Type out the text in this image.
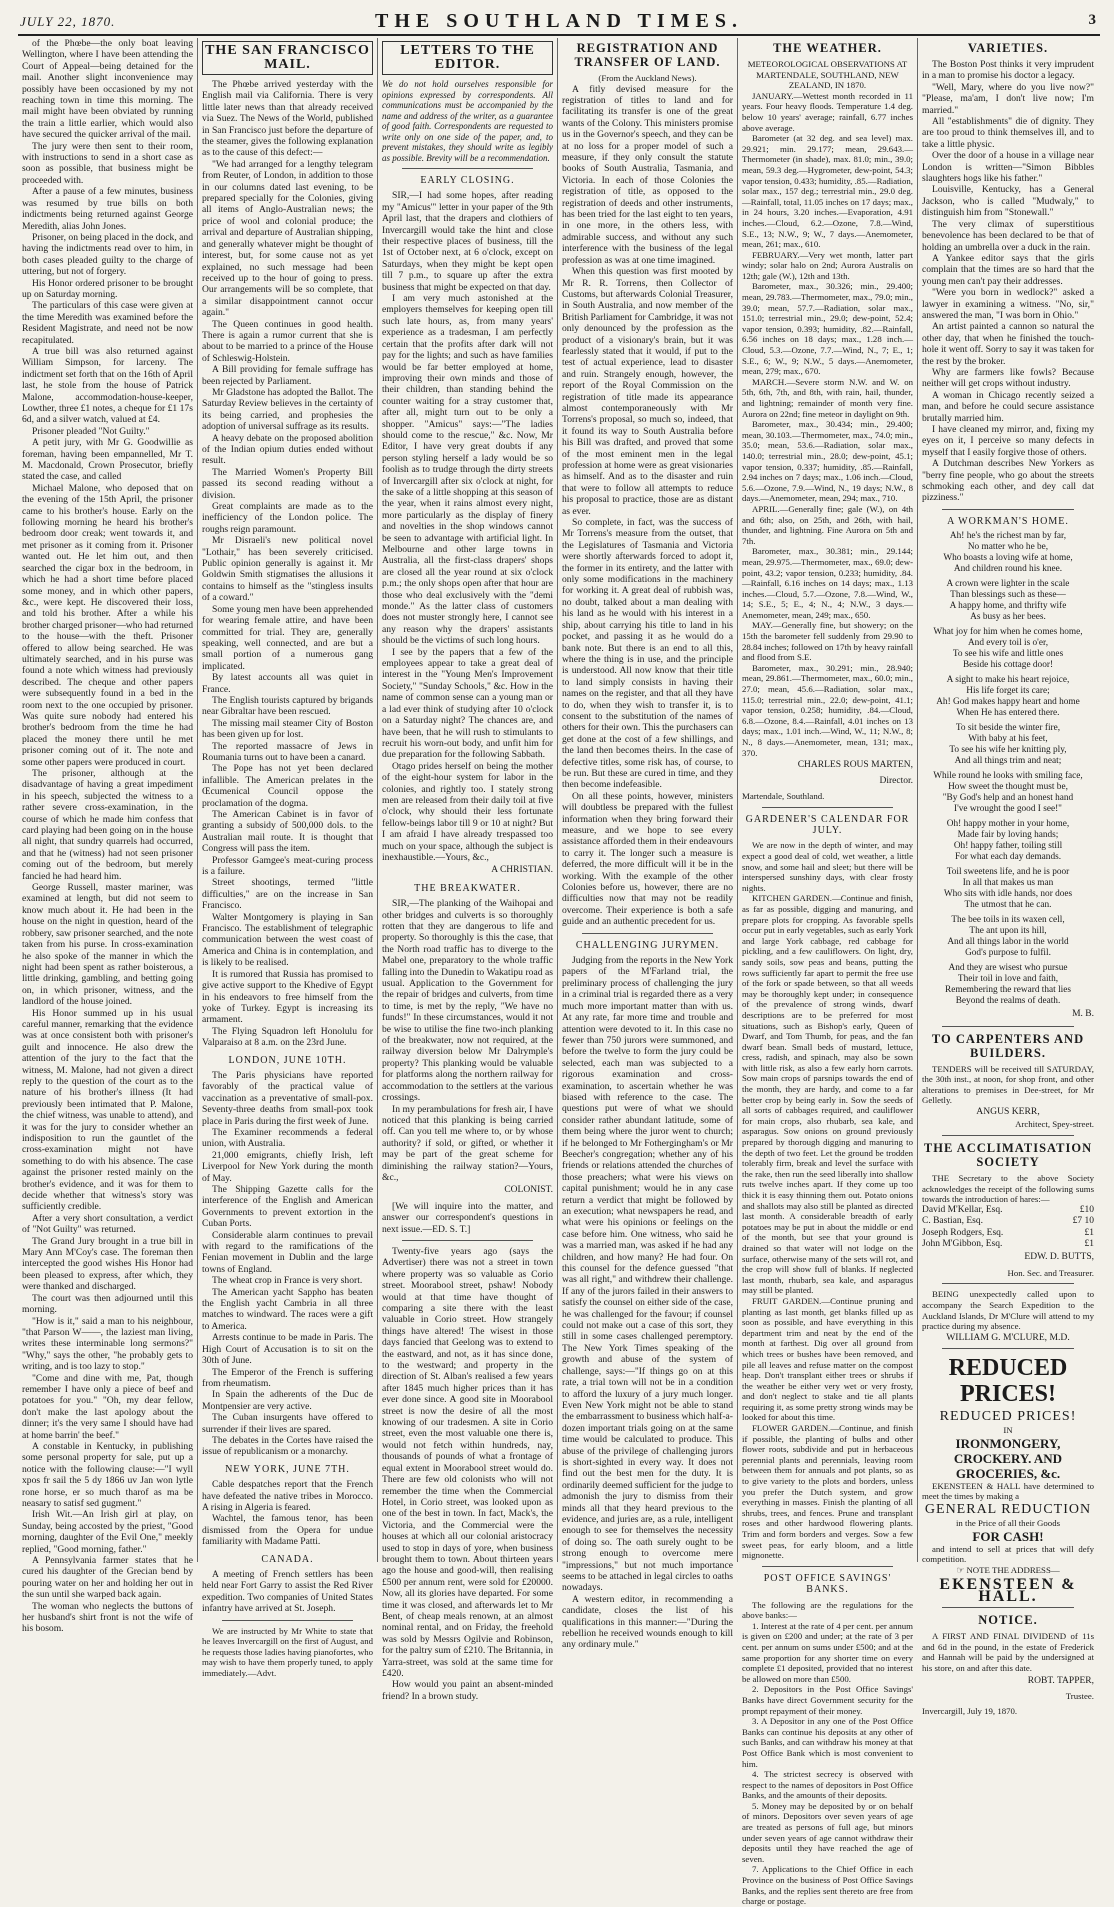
JULY 22, 1870.	THE SOUTHLAND TIMES.	3

of the Phœbe—the only boat leaving Wellington, where I have been attending the Court of Appeal—being detained for the mail. Another slight inconvenience may possibly have been occasioned by my not reaching town in time this morning. The mail might have been obviated by running the train a little earlier, which would also have secured the quicker arrival of the mail.

The jury were then sent to their room, with instructions to send in a short case as soon as possible, that business might be proceeded with.

After a pause of a few minutes, business was resumed by true bills on both indictments being returned against George Meredith, alias John Jones.

Prisoner, on being placed in the dock, and having the indictments read over to him, in both cases pleaded guilty to the charge of uttering, but not of forgery.

His Honor ordered prisoner to be brought up on Saturday morning.

The particulars of this case were given at the time Meredith was examined before the Resident Magistrate, and need not be now recapitulated.

A true bill was also returned against William Simpson, for larceny. The indictment set forth that on the 16th of April last, he stole from the house of Patrick Malone, accommodation-house-keeper, Lowther, three £1 notes, a cheque for £1 17s 6d, and a silver watch, valued at £4.

Prisoner pleaded "Not Guilty."

A petit jury, with Mr G. Goodwillie as foreman, having been empannelled, Mr T. M. Macdonald, Crown Prosecutor, briefly stated the case, and called

Michael Malone, who deposed that on the evening of the 15th April, the prisoner came to his brother's house. Early on the following morning he heard his brother's bedroom door creak; went towards it, and met prisoner as it coming from it. Prisoner wanted out. He let him out, and then searched the cigar box in the bedroom, in which he had a short time before placed some money, and in which other papers, &c., were kept. He discovered their loss, and told his brother. After a while his brother charged prisoner—who had returned to the house—with the theft. Prisoner offered to allow being searched. He was ultimately searched, and in his purse was found a note which witness had previously described. The cheque and other papers were subsequently found in a bed in the room next to the one occupied by prisoner. Was quite sure nobody had entered his brother's bedroom from the time he had placed the money there until he met prisoner coming out of it. The note and some other papers were produced in court.

The prisoner, although at the disadvantage of having a great impediment in his speech, subjected the witness to a rather severe cross-examination, in the course of which he made him confess that card playing had been going on in the house all night, that sundry quarrels had occurred, and that he (witness) had not seen prisoner coming out of the bedroom, but merely fancied he had heard him.

George Russell, master mariner, was examined at length, but did not seem to know much about it. He had been in the house on the night in question, heard of the robbery, saw prisoner searched, and the note taken from his purse. In cross-examination he also spoke of the manner in which the night had been spent as rather boisterous, a little drinking, gambling, and betting going on, in which prisoner, witness, and the landlord of the house joined.

His Honor summed up in his usual careful manner, remarking that the evidence was at once consistent both with prisoner's guilt and innocence. He also drew the attention of the jury to the fact that the witness, M. Malone, had not given a direct reply to the question of the court as to the nature of his brother's illness (It had previously been intimated that P. Malone, the chief witness, was unable to attend), and it was for the jury to consider whether an indisposition to run the gauntlet of the cross-examination might not have something to do with his absence. The case against the prisoner rested mainly on the brother's evidence, and it was for them to decide whether that witness's story was sufficiently credible.

After a very short consultation, a verdict of "Not Guilty" was returned.

The Grand Jury brought in a true bill in Mary Ann M'Coy's case. The foreman then intercepted the good wishes His Honor had been pleased to express, after which, they were thanked and discharged.

The court was then adjourned until this morning.

"How is it," said a man to his neighbour, "that Parson W——, the laziest man living, writes these interminable long sermons?" "Why," says the other, "he probably gets to writing, and is too lazy to stop."

"Come and dine with me, Pat, though remember I have only a piece of beef and potatoes for you." "Oh, my dear fellow, don't make the last apology about the dinner; it's the very same I should have had at home barrin' the beef."

A constable in Kentucky, in publishing some personal property for sale, put up a notice with the following clause:—"I wyll xpos fr sail the 5 dy 1866 uv Jan won lytle rone horse, er so much tharof as ma be neasary to satisf sed gugment."

Irish Wit.—An Irish girl at play, on Sunday, being accosted by the priest, "Good morning, daughter of the Evil One," meekly replied, "Good morning, father."

A Pennsylvania farmer states that he cured his daughter of the Grecian bend by pouring water on her and holding her out in the sun until she warped back again.

The woman who neglects the buttons of her husband's shirt front is not the wife of his bosom.

THE SAN FRANCISCO MAIL.

The Phœbe arrived yesterday with the English mail via California. There is very little later news than that already received via Suez. The News of the World, published in San Francisco just before the departure of the steamer, gives the following explanation as to the cause of this defect:—

"We had arranged for a lengthy telegram from Reuter, of London, in addition to those in our columns dated last evening, to be prepared specially for the Colonies, giving all items of Anglo-Australian news; the price of wool and colonial produce; the arrival and departure of Australian shipping, and generally whatever might be thought of interest, but, for some cause not as yet explained, no such message had been received up to the hour of going to press. Our arrangements will be so complete, that a similar disappointment cannot occur again."

The Queen continues in good health. There is again a rumor current that she is about to be married to a prince of the House of Schleswig-Holstein.

A Bill providing for female suffrage has been rejected by Parliament.

Mr Gladstone has adopted the Ballot. The Saturday Review believes in the certainty of its being carried, and prophesies the adoption of universal suffrage as its results.

A heavy debate on the proposed abolition of the Indian opium duties ended without result.

The Married Women's Property Bill passed its second reading without a division.

Great complaints are made as to the inefficiency of the London police. The roughs reign paramount.

Mr Disraeli's new political novel "Lothair," has been severely criticised. Public opinion generally is against it. Mr Goldwin Smith stigmatises the allusions it contains to himself as the "stingless insults of a coward."

Some young men have been apprehended for wearing female attire, and have been committed for trial. They are, generally speaking, well connected, and are but a small portion of a numerous gang implicated.

By latest accounts all was quiet in France.

The English tourists captured by brigands near Gibraltar have been rescued.

The missing mail steamer City of Boston has been given up for lost.

The reported massacre of Jews in Roumania turns out to have been a canard.

The Pope has not yet been declared infallible. The American prelates in the Œcumenical Council oppose the proclamation of the dogma.

The American Cabinet is in favor of granting a subsidy of 500,000 dols. to the Australian mail route. It is thought that Congress will pass the item.

Professor Gamgee's meat-curing process is a failure.

Street shootings, termed "little difficulties," are on the increase in San Francisco.

Walter Montgomery is playing in San Francisco. The establishment of telegraphic communication between the west coast of America and China is in contemplation, and is likely to be realised.

It is rumored that Russia has promised to give active support to the Khedive of Egypt in his endeavors to free himself from the yoke of Turkey. Egypt is increasing its armament.

The Flying Squadron left Honolulu for Valparaiso at 8 a.m. on the 23rd June.

LONDON, JUNE 10TH.

The Paris physicians have reported favorably of the practical value of vaccination as a preventative of small-pox. Seventy-three deaths from small-pox took place in Paris during the first week of June.

The Examiner recommends a federal union, with Australia.

21,000 emigrants, chiefly Irish, left Liverpool for New York during the month of May.

The Shipping Gazette calls for the interference of the English and American Governments to prevent extortion in the Cuban Ports.

Considerable alarm continues to prevail with regard to the ramifications of the Fenian movement in Dublin and the large towns of England.

The wheat crop in France is very short.

The American yacht Sappho has beaten the English yacht Cambria in all three matches to windward. The races were a gift to America.

Arrests continue to be made in Paris. The High Court of Accusation is to sit on the 30th of June.

The Emperor of the French is suffering from rheumatism.

In Spain the adherents of the Duc de Montpensier are very active.

The Cuban insurgents have offered to surrender if their lives are spared.

The debates in the Cortes have raised the issue of republicanism or a monarchy.

NEW YORK, JUNE 7TH.

Cable despatches report that the French have defeated the native tribes in Morocco. A rising in Algeria is feared.

Wachtel, the famous tenor, has been dismissed from the Opera for undue familiarity with Madame Patti.

CANADA.

A meeting of French settlers has been held near Fort Garry to assist the Red River expedition. Two companies of United States infantry have arrived at St. Joseph.

We are instructed by Mr White to state that he leaves Invercargill on the first of August, and he requests those ladies having pianofortes, who may wish to have them properly tuned, to apply immediately.—Advt.

LETTERS TO THE EDITOR.
We do not hold ourselves responsible for opinions expressed by correspondents. All communications must be accompanied by the name and address of the writer, as a guarantee of good faith. Correspondents are requested to write only on one side of the paper, and, to prevent mistakes, they should write as legibly as possible. Brevity will be a recommendation.
EARLY CLOSING.

SIR,—I had some hopes, after reading my "Amicus'" letter in your paper of the 9th April last, that the drapers and clothiers of Invercargill would take the hint and close their respective places of business, till the 1st of October next, at 6 o'clock, except on Saturdays, when they might be kept open till 7 p.m., to square up after the extra business that might be expected on that day.

I am very much astonished at the employers themselves for keeping open till such late hours, as, from many years' experience as a tradesman, I am perfectly certain that the profits after dark will not pay for the lights; and such as have families would be far better employed at home, improving their own minds and those of their children, than standing behind the counter waiting for a stray customer that, after all, might turn out to be only a shopper. "Amicus" says:—"The ladies should come to the rescue," &c. Now, Mr Editor, I have very great doubts if any person styling herself a lady would be so foolish as to trudge through the dirty streets of Invercargill after six o'clock at night, for the sake of a little shopping at this season of the year, when it rains almost every night, more particularly as the display of finery and novelties in the shop windows cannot be seen to advantage with artificial light. In Melbourne and other large towns in Australia, all the first-class drapers' shops are closed all the year round at six o'clock p.m.; the only shops open after that hour are those who deal exclusively with the "demi monde." As the latter class of customers does not muster strongly here, I cannot see any reason why the drapers' assistants should be the victims of such long hours.

I see by the papers that a few of the employees appear to take a great deal of interest in the "Young Men's Improvement Society," "Sunday Schools," &c. How in the name of common sense can a young man or a lad ever think of studying after 10 o'clock on a Saturday night? The chances are, and have been, that he will rush to stimulants to recruit his worn-out body, and unfit him for due preparation for the following Sabbath.

Otago prides herself on being the mother of the eight-hour system for labor in the colonies, and rightly too. I stately strong men are released from their daily toil at five o'clock, why should their less fortunate fellow-beings labor till 9 or 10 at night? But I am afraid I have already trespassed too much on your space, although the subject is inexhaustible.—Yours, &c.,

A CHRISTIAN.
THE BREAKWATER.

SIR,—The planking of the Waihopai and other bridges and culverts is so thoroughly rotten that they are dangerous to life and property. So thoroughly is this the case, that the North road traffic has to diverge to the Mabel one, preparatory to the whole traffic falling into the Dunedin to Wakatipu road as usual. Application to the Government for the repair of bridges and culverts, from time to time, is met by the reply, "We have no funds!" In these circumstances, would it not be wise to utilise the fine two-inch planking of the breakwater, now not required, at the railway diversion below Mr Dalrymple's property? This planking would be valuable for platforms along the northern railway for accommodation to the settlers at the various crossings.

In my perambulations for fresh air, I have noticed that this planking is being carried off. Can you tell me where to, or by whose authority? if sold, or gifted, or whether it may be part of the great scheme for diminishing the railway station?—Yours, &c.,

COLONIST.

[We will inquire into the matter, and answer our correspondent's questions in next issue.—ED. S. T.]

Twenty-five years ago (says the Advertiser) there was not a street in town where property was so valuable as Corio street. Moorabool street, pshaw! Nobody would at that time have thought of comparing a site there with the least valuable in Corio street. How strangely things have altered! The wisest in those days fancied that Geelong was to extend to the eastward, and not, as it has since done, to the westward; and property in the direction of St. Alban's realised a few years after 1845 much higher prices than it has ever done since. A good site in Moorabool street is now the desire of all the most knowing of our tradesmen. A site in Corio street, even the most valuable one there is, would not fetch within hundreds, nay, thousands of pounds of what a frontage of equal extent in Moorabool street would do. There are few old colonists who will not remember the time when the Commercial Hotel, in Corio street, was looked upon as one of the best in town. In fact, Mack's, the Victoria, and the Commercial were the houses at which all our colonial aristocracy used to stop in days of yore, when business brought them to town. About thirteen years ago the house and good-will, then realising £500 per annum rent, were sold for £20000. Now, all its glories have departed. For some time it was closed, and afterwards let to Mr Bent, of cheap meals renown, at an almost nominal rental, and on Friday, the freehold was sold by Messrs Ogilvie and Robinson, for the paltry sum of £210. The Britannia, in Yarra-street, was sold at the same time for £420.

How would you paint an absent-minded friend? In a brown study.

REGISTRATION AND TRANSFER OF LAND.
(From the Auckland News).

A fitly devised measure for the registration of titles to land and for facilitating its transfer is one of the great wants of the Colony. This ministers promise us in the Governor's speech, and they can be at no loss for a proper model of such a measure, if they only consult the statute books of South Australia, Tasmania, and Victoria. In each of those Colonies the registration of title, as opposed to the registration of deeds and other instruments, has been tried for the last eight to ten years, in one more, in the others less, with admirable success, and without any such interference with the business of the legal profession as was at one time imagined.

When this question was first mooted by Mr R. R. Torrens, then Collector of Customs, but afterwards Colonial Treasurer, in South Australia, and now member of the British Parliament for Cambridge, it was not only denounced by the profession as the product of a visionary's brain, but it was fearlessly stated that it would, if put to the test of actual experience, lead to disaster and ruin. Strangely enough, however, the report of the Royal Commission on the registration of title made its appearance almost contemporaneously with Mr Torrens's proposal, so much so, indeed, that it found its way to South Australia before his Bill was drafted, and proved that some of the most eminent men in the legal profession at home were as great visionaries as himself. And as to the disaster and ruin that were to follow all attempts to reduce his proposal to practice, those are as distant as ever.

So complete, in fact, was the success of Mr Torrens's measure from the outset, that the Legislatures of Tasmania and Victoria were shortly afterwards forced to adopt it, the former in its entirety, and the latter with only some modifications in the machinery for working it. A great deal of rubbish was, no doubt, talked about a man dealing with his land as he would with his interest in a ship, about carrying his title to land in his pocket, and passing it as he would do a bank note. But there is an end to all this, where the thing is in use, and the principle is understood. All now know that their title to land simply consists in having their names on the register, and that all they have to do, when they wish to transfer it, is to consent to the substitution of the names of others for their own. This the purchasers can get done at the cost of a few shillings, and the land then becomes theirs. In the case of defective titles, some risk has, of course, to be run. But these are cured in time, and they then become indefeasible.

On all these points, however, ministers will doubtless be prepared with the fullest information when they bring forward their measure, and we hope to see every assistance afforded them in their endeavours to carry it. The longer such a measure is deferred, the more difficult will it be in the working. With the example of the other Colonies before us, however, there are no difficulties now that may not be readily overcome. Their experience is both a safe guide and an authentic precedent for us.

CHALLENGING JURYMEN.

Judging from the reports in the New York papers of the M'Farland trial, the preliminary process of challenging the jury in a criminal trial is regarded there as a very much more important matter than with us. At any rate, far more time and trouble and attention were devoted to it. In this case no fewer than 750 jurors were summoned, and before the twelve to form the jury could be selected, each man was subjected to a rigorous examination and cross-examination, to ascertain whether he was biased with reference to the case. The questions put were of what we should consider rather abundant latitude, some of them being where the juror went to church; if he belonged to Mr Fothergingham's or Mr Beecher's congregation; whether any of his friends or relations attended the churches of those preachers; what were his views on capital punishment; would he in any case return a verdict that might be followed by an execution; what newspapers he read, and what were his opinions or feelings on the case before him. One witness, who said he was a married man, was asked if he had any children, and how many? He had four. On this counsel for the defence guessed "that was all right," and withdrew their challenge. If any of the jurors failed in their answers to satisfy the counsel on either side of the case, he was challenged for the favour; if counsel could not make out a case of this sort, they still in some cases challenged peremptory. The New York Times speaking of the growth and abuse of the system of challenge, says:—"If things go on at this rate, a trial town will not be in a condition to afford the luxury of a jury much longer. Even New York might not be able to stand the embarrassment to business which half-a-dozen important trials going on at the same time would be calculated to produce. This abuse of the privilege of challenging jurors is short-sighted in every way. It does not find out the best men for the duty. It is ordinarily deemed sufficient for the judge to admonish the jury to dismiss from their minds all that they heard previous to the evidence, and juries are, as a rule, intelligent enough to see for themselves the necessity of doing so. The oath surely ought to be strong enough to overcome mere "impressions," but not much importance seems to be attached in legal circles to oaths nowadays.

A western editor, in recommending a candidate, closes the list of his qualifications in this manner:—"During the rebellion he received wounds enough to kill any ordinary mule."

THE WEATHER.
METEOROLOGICAL OBSERVATIONS AT MARTENDALE, SOUTHLAND, NEW ZEALAND, IN 1870.

JANUARY.—Wettest month recorded in 11 years. Four heavy floods. Temperature 1.4 deg. below 10 years' average; rainfall, 6.77 inches above average.

Barometer (at 32 deg. and sea level) max. 29.921; min. 29.177; mean, 29.643.—Thermometer (in shade), max. 81.0; min., 39.0; mean, 59.3 deg.—Hygrometer, dew-point, 54.3; vapor tension, 0.433; humidity, .85.—Radiation, solar max., 157 deg.; terrestrial min., 29.0 deg.—Rainfall, total, 11.05 inches on 17 days; max., in 24 hours, 3.20 inches.—Evaporation, 4.91 inches.—Cloud, 6.2.—Ozone, 7.8.—Wind, S.E., 13; N.W., 9; W., 7 days.—Anemometer, mean, 261; max., 610.

FEBRUARY.—Very wet month, latter part windy; solar halo on 2nd; Aurora Australis on 12th; gale (W.), 12th and 13th.

Barometer, max., 30.326; min., 29.400; mean, 29.783.—Thermometer, max., 79.0; min., 39.0; mean, 57.7.—Radiation, solar max., 151.0; terrestrial min., 29.0; dew-point, 52.4; vapor tension, 0.393; humidity, .82.—Rainfall, 6.56 inches on 18 days; max., 1.28 inch.—Cloud, 5.3.—Ozone, 7.7.—Wind, N., 7; E., 1; S.E., 6; W., 9; N.W., 5 days.—Anemometer, mean, 279; max., 670.

MARCH.—Severe storm N.W. and W. on 5th, 6th, 7th, and 8th, with rain, hail, thunder, and lightning; remainder of month very fine. Aurora on 22nd; fine meteor in daylight on 9th.

Barometer, max., 30.434; min., 29.400; mean, 30.103.—Thermometer, max., 74.0; min., 35.0; mean, 53.6.—Radiation, solar max., 140.0; terrestrial min., 28.0; dew-point, 45.1; vapor tension, 0.337; humidity, .85.—Rainfall, 2.94 inches on 7 days; max., 1.06 inch.—Cloud, 5.6.—Ozone, 7.9.—Wind, N., 19 days; N.W., 8 days.—Anemometer, mean, 294; max., 710.

APRIL.—Generally fine; gale (W.), on 4th and 6th; also, on 25th, and 26th, with hail, thunder, and lightning. Fine Aurora on 5th and 7th.

Barometer, max., 30.381; min., 29.144; mean, 29.975.—Thermometer, max., 69.0; dew-point, 43.2; vapor tension, 0.233; humidity, .84.—Rainfall, 6.16 inches on 14 days; max., 1.13 inches.—Cloud, 5.7.—Ozone, 7.8.—Wind, W., 14; S.E., 5; E., 4; N., 4; N.W., 3 days.—Anemometer, mean, 249; max., 650.

MAY.—Generally fine, but showery; on the 15th the barometer fell suddenly from 29.90 to 28.84 inches; followed on 17th by heavy rainfall and flood from S.E.

Barometer, max., 30.291; min., 28.940; mean, 29.861.—Thermometer, max., 60.0; min., 27.0; mean, 45.6.—Radiation, solar max., 115.0; terrestrial min., 22.0; dew-point, 41.1; vapor tension, 0.258; humidity, .84.—Cloud, 6.8.—Ozone, 8.4.—Rainfall, 4.01 inches on 13 days; max., 1.01 inch.—Wind, W., 11; N.W., 8; N., 8 days.—Anemometer, mean, 131; max., 370.

CHARLES ROUS MARTEN,
Director.
Martendale, Southland.
GARDENER'S CALENDAR FOR JULY.

We are now in the depth of winter, and may expect a good deal of cold, wet weather, a little snow, and some hail and sleet; but there will be interspersed sunshiny days, with clear frosty nights.

KITCHEN GARDEN.—Continue and finish, as far as possible, digging and manuring, and prepare plots for cropping. As favorable spells occur put in early vegetables, such as early York and large York cabbage, red cabbage for pickling, and a few cauliflowers. On light, dry, sandy soils, sow peas and beans, putting the rows sufficiently far apart to permit the free use of the fork or spade between, so that all weeds may be thoroughly kept under; in consequence of the prevalence of strong winds, dwarf descriptions are to be preferred for most situations, such as Bishop's early, Queen of Dwarf, and Tom Thumb, for peas, and the fan dwarf bean. Small beds of mustard, lettuce, cress, radish, and spinach, may also be sown with little risk, as also a few early horn carrots. Sow main crops of parsnips towards the end of the month, they are hardy, and come to a far better crop by being early in. Sow the seeds of all sorts of cabbages required, and cauliflower for main crops, also rhubarb, sea kale, and asparagus. Sow onions on ground previously prepared by thorough digging and manuring to the depth of two feet. Let the ground be trodden tolerably firm, break and level the surface with the rake, then run the seed liberally into shallow ruts twelve inches apart. If they come up too thick it is easy thinning them out. Potato onions and shallots may also still be planted as directed last month. A considerable breadth of early potatoes may be put in about the middle or end of the month, but see that your ground is drained so that water will not lodge on the surface, otherwise many of the sets will rot, and the crop will show full of blanks. If neglected last month, rhubarb, sea kale, and asparagus may still be planted.

FRUIT GARDEN.—Continue pruning and planting as last month, get blanks filled up as soon as possible, and have everything in this department trim and neat by the end of the month at farthest. Dig over all ground from which trees or bushes have been removed, and pile all leaves and refuse matter on the compost heap. Don't transplant either trees or shrubs if the weather be either very wet or very frosty, and don't neglect to stake and tie all plants requiring it, as some pretty strong winds may be looked for about this time.

FLOWER GARDEN.—Continue, and finish if possible, the planting of bulbs and other flower roots, subdivide and put in herbaceous perennial plants and perennials, leaving room between them for annuals and pot plants, so as to give variety to the plots and borders, unless you prefer the Dutch system, and grow everything in masses. Finish the planting of all shrubs, trees, and fences. Prune and transplant roses and other hardwood flowering plants. Trim and form borders and verges. Sow a few sweet peas, for early bloom, and a little mignonette.

POST OFFICE SAVINGS' BANKS.

The following are the regulations for the above banks:—

1. Interest at the rate of 4 per cent. per annum is given on £200 and under; at the rate of 3 per cent. per annum on sums under £500; and at the same proportion for any shorter time on every complete £1 deposited, provided that no interest be allowed on more than £500.

2. Depositors in the Post Office Savings' Banks have direct Government security for the prompt repayment of their money.

3. A Depositor in any one of the Post Office Banks can continue his deposits at any other of such Banks, and can withdraw his money at that Post Office Bank which is most convenient to him.

4. The strictest secrecy is observed with respect to the names of depositors in Post Office Banks, and the amounts of their deposits.

5. Money may be deposited by or on behalf of minors. Depositors over seven years of age are treated as persons of full age, but minors under seven years of age cannot withdraw their deposits until they have reached the age of seven.

7. Applications to the Chief Office in each Province on the business of Post Office Savings Banks, and the replies sent thereto are free from charge or postage.

VARIETIES.

The Boston Post thinks it very imprudent in a man to promise his doctor a legacy.

"Well, Mary, where do you live now?" "Please, ma'am, I don't live now; I'm married."

All "establishments" die of dignity. They are too proud to think themselves ill, and to take a little physic.

Over the door of a house in a village near London is written—"Simon Bibbles slaughters hogs like his father."

Louisville, Kentucky, has a General Jackson, who is called "Mudwaly," to distinguish him from "Stonewall."

The very climax of superstitious benevolence has been declared to be that of holding an umbrella over a duck in the rain.

A Yankee editor says that the girls complain that the times are so hard that the young men can't pay their addresses.

"Were you born in wedlock?" asked a lawyer in examining a witness. "No, sir," answered the man, "I was born in Ohio."

An artist painted a cannon so natural the other day, that when he finished the touch-hole it went off. Sorry to say it was taken for the rest by the broker.

Why are farmers like fowls? Because neither will get crops without industry.

A woman in Chicago recently seized a man, and before he could secure assistance brutally married him.

I have cleaned my mirror, and, fixing my eyes on it, I perceive so many defects in myself that I easily forgive those of others.

A Dutchman describes New Yorkers as "berry fine people, who go about the streets schmoking each other, and dey call dat pizziness."

A WORKMAN'S HOME.
Ah! he's the richest man by far,
No matter who he be,
Who boasts a loving wife at home,
And children round his knee.
A crown were lighter in the scale
Than blessings such as these—
A happy home, and thrifty wife
As busy as her bees.
What joy for him when he comes home,
And every toil is o'er,
To see his wife and little ones
Beside his cottage door!
A sight to make his heart rejoice,
His life forget its care;
Ah! God makes happy heart and home
When He has entered there.
To sit beside the winter fire,
With baby at his feet,
To see his wife her knitting ply,
And all things trim and neat;
While round he looks with smiling face,
How sweet the thought must be,
"By God's help and an honest hand
I've wrought the good I see!"
Oh! happy mother in your home,
Made fair by loving hands;
Oh! happy father, toiling still
For what each day demands.
Toil sweetens life, and he is poor
In all that makes us man
Who sits with idle hands, nor does
The utmost that he can.
The bee toils in its waxen cell,
The ant upon its hill,
And all things labor in the world
God's purpose to fulfil.
And they are wisest who pursue
Their toil in love and faith,
Remembering the reward that lies
Beyond the realms of death.
M. B.
TO CARPENTERS AND BUILDERS.

TENDERS will be received till SATURDAY, the 30th inst., at noon, for shop front, and other alterations to premises in Dee-street, for Mr Gelletly.

ANGUS KERR,
Architect, Spey-street.
THE ACCLIMATISATION SOCIETY

THE Secretary to the above Society acknowledges the receipt of the following sums towards the introduction of hares:—

David M'Kellar, Esq.	£10
C. Bastian, Esq.	£7 10
Joseph Rodgers, Esq.	£1
John M'Gibbon, Esq.	£1
EDW. D. BUTTS,
Hon. Sec. and Treasurer.

BEING unexpectedly called upon to accompany the Search Expedition to the Auckland Islands, Dr M'Clure will attend to my practice during my absence.

WILLIAM G. M'CLURE, M.D.
REDUCED PRICES!
REDUCED PRICES!
IN
IRONMONGERY, CROCKERY. AND GROCERIES, &c.

EKENSTEEN & HALL have determined to meet the times by making a

GENERAL REDUCTION
in the Price of all their Goods
FOR CASH!

and intend to sell at prices that will defy competition.

☞ NOTE THE ADDRESS—
EKENSTEEN & HALL.
NOTICE.

A FIRST AND FINAL DIVIDEND of 11s and 6d in the pound, in the estate of Frederick and Hannah will be paid by the undersigned at his store, on and after this date.

ROBT. TAPPER,
Trustee.
Invercargill, July 19, 1870.
